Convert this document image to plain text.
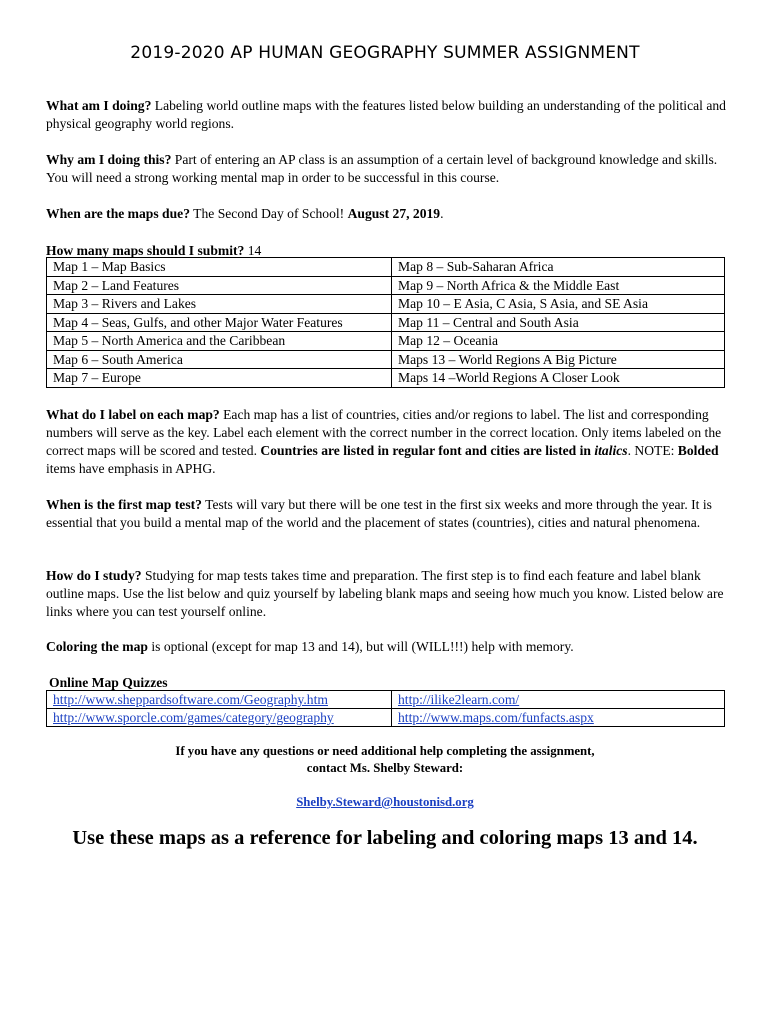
2019-2020 AP HUMAN GEOGRAPHY SUMMER ASSIGNMENT

What am I doing? Labeling world outline maps with the features listed below building an understanding of the political and physical geography world regions.

Why am I doing this? Part of entering an AP class is an assumption of a certain level of background knowledge and skills. You will need a strong working mental map in order to be successful in this course.

When are the maps due? The Second Day of School! August 27, 2019.

How many maps should I submit? 14

Map 1 – Map Basics	Map 8 – Sub-Saharan Africa
Map 2 – Land Features	Map 9 – North Africa & the Middle East
Map 3 – Rivers and Lakes	Map 10 – E Asia, C Asia, S Asia, and SE Asia
Map 4 – Seas, Gulfs, and other Major Water Features	Map 11 – Central and South Asia
Map 5 – North America and the Caribbean	Map 12 – Oceania
Map 6 – South America	Maps 13 – World Regions A Big Picture
Map 7 – Europe	Maps 14 –World Regions A Closer Look

What do I label on each map? Each map has a list of countries, cities and/or regions to label. The list and corresponding numbers will serve as the key. Label each element with the correct number in the correct location. Only items labeled on the correct maps will be scored and tested. Countries are listed in regular font and cities are listed in italics. NOTE: Bolded items have emphasis in APHG.

When is the first map test? Tests will vary but there will be one test in the first six weeks and more through the year. It is essential that you build a mental map of the world and the placement of states (countries), cities and natural phenomena.

How do I study? Studying for map tests takes time and preparation. The first step is to find each feature and label blank outline maps. Use the list below and quiz yourself by labeling blank maps and seeing how much you know. Listed below are links where you can test yourself online.

Coloring the map is optional (except for map 13 and 14), but will (WILL!!!) help with memory.

Online Map Quizzes

http://www.sheppardsoftware.com/Geography.htm	http://ilike2learn.com/
http://www.sporcle.com/games/category/geography	http://www.maps.com/funfacts.aspx
If you have any questions or need additional help completing the assignment,
contact Ms. Shelby Steward:
Shelby.Steward@houstonisd.org
Use these maps as a reference for labeling and coloring maps 13 and 14.
